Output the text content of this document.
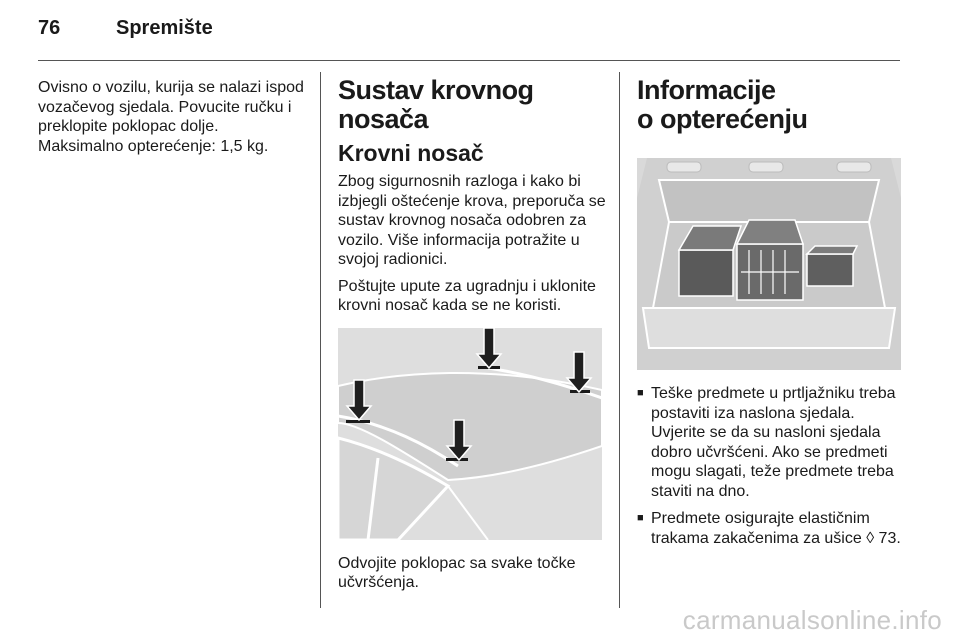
76	Spremište

Ovisno o vozilu, kurija se nalazi ispod vozačevog sjedala. Povucite ručku i preklopite poklopac dolje. Maksimalno opterećenje: 1,5 kg.

Sustav krovnog nosača
Krovni nosač

Zbog sigurnosnih razloga i kako bi izbjegli oštećenje krova, preporuča se sustav krovnog nosača odobren za vozilo. Više informacija potražite u svojoj radionici.

Poštujte upute za ugradnju i uklonite krovni nosač kada se ne koristi.

Odvojite poklopac sa svake točke učvršćenja.

Informacije
o opterećenju
■ Teške predmete u prtljažniku treba postaviti iza naslona sjedala. Uvjerite se da su nasloni sjedala dobro učvršćeni. Ako se predmeti mogu slagati, teže predmete treba staviti na dno.
■ Predmete osigurajte elastičnim trakama zakačenima za ušice ◊ 73.
carmanualsonline.info
